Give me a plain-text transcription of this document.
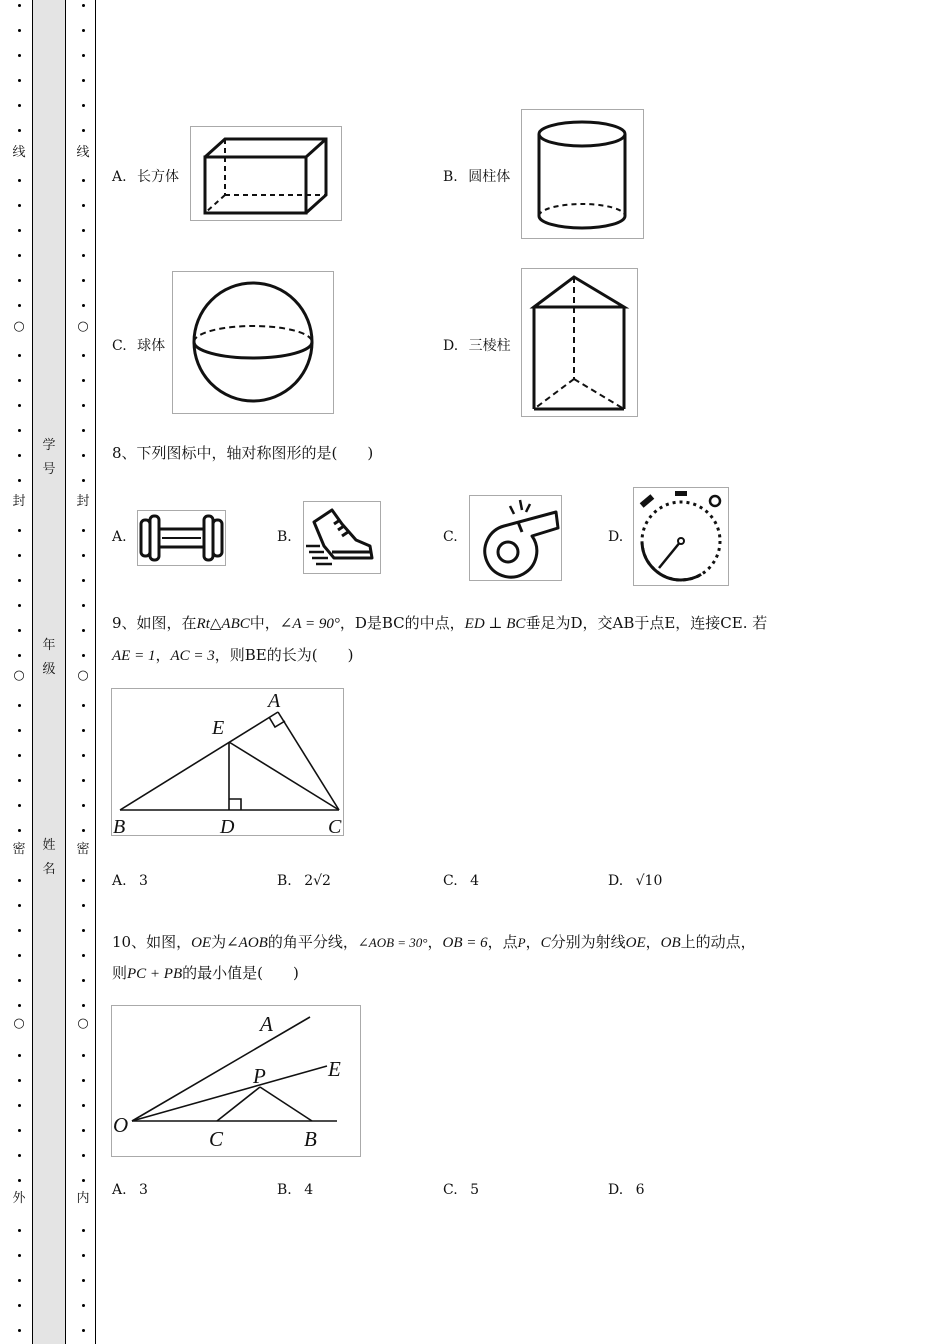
线
○
封
○
密
○
外
线
○
封
○
密
○
内
学
号
年
级
姓
名
A. 长方体	B. 圆柱体
C. 球体	D. 三棱柱
8、下列图标中，轴对称图形的是(　　)
A.	B.	C.	D.
9、如图，在Rt△ABC中，∠A = 90°，D是BC的中点，ED ⊥ BC垂足为D，交AB于点E，连接CE. 若
AE = 1，AC = 3，则BE的长为(　　)
A
E
B	D	C
A. 3	B. 2√2	C. 4	D. √10
10、如图，OE为∠AOB的角平分线，∠AOB = 30°，OB = 6，点P，C分别为射线OE，OB上的动点，
则PC + PB的最小值是(　　)
O
A
E
P
C	B
A. 3	B. 4	C. 5	D. 6
